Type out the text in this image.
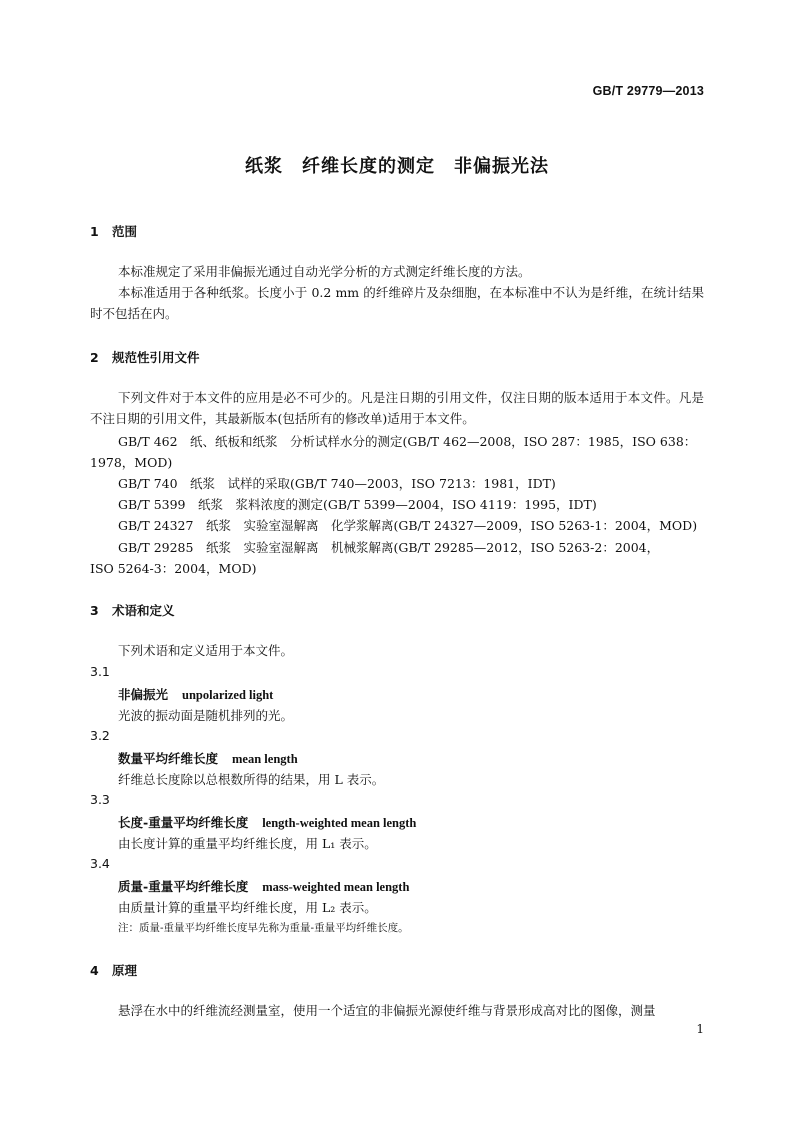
GB/T 29779—2013
纸浆　纤维长度的测定　非偏振光法
1 范围
本标准规定了采用非偏振光通过自动光学分析的方式测定纤维长度的方法。
本标准适用于各种纸浆。长度小于 0.2 mm 的纤维碎片及杂细胞，在本标准中不认为是纤维，在统计结果时不包括在内。
2 规范性引用文件
下列文件对于本文件的应用是必不可少的。凡是注日期的引用文件，仅注日期的版本适用于本文件。凡是不注日期的引用文件，其最新版本(包括所有的修改单)适用于本文件。
GB/T 462　纸、纸板和纸浆　分析试样水分的测定(GB/T 462—2008，ISO 287：1985，ISO 638：
1978，MOD)
GB/T 740　纸浆　试样的采取(GB/T 740—2003，ISO 7213：1981，IDT)
GB/T 5399　纸浆　浆料浓度的测定(GB/T 5399—2004，ISO 4119：1995，IDT)
GB/T 24327　纸浆　实验室湿解离　化学浆解离(GB/T 24327—2009，ISO 5263-1：2004，MOD)
GB/T 29285　纸浆　实验室湿解离　机械浆解离(GB/T 29285—2012，ISO 5263-2：2004，
ISO 5264-3：2004，MOD)
3 术语和定义
下列术语和定义适用于本文件。
3.1
非偏振光 unpolarized light
光波的振动面是随机排列的光。
3.2
数量平均纤维长度 mean length
纤维总长度除以总根数所得的结果，用 L 表示。
3.3
长度-重量平均纤维长度 length-weighted mean length
由长度计算的重量平均纤维长度，用 L₁ 表示。
3.4
质量-重量平均纤维长度 mass-weighted mean length
由质量计算的重量平均纤维长度，用 L₂ 表示。
注：质量-重量平均纤维长度早先称为重量-重量平均纤维长度。
4 原理
悬浮在水中的纤维流经测量室，使用一个适宜的非偏振光源使纤维与背景形成高对比的图像，测量
1
